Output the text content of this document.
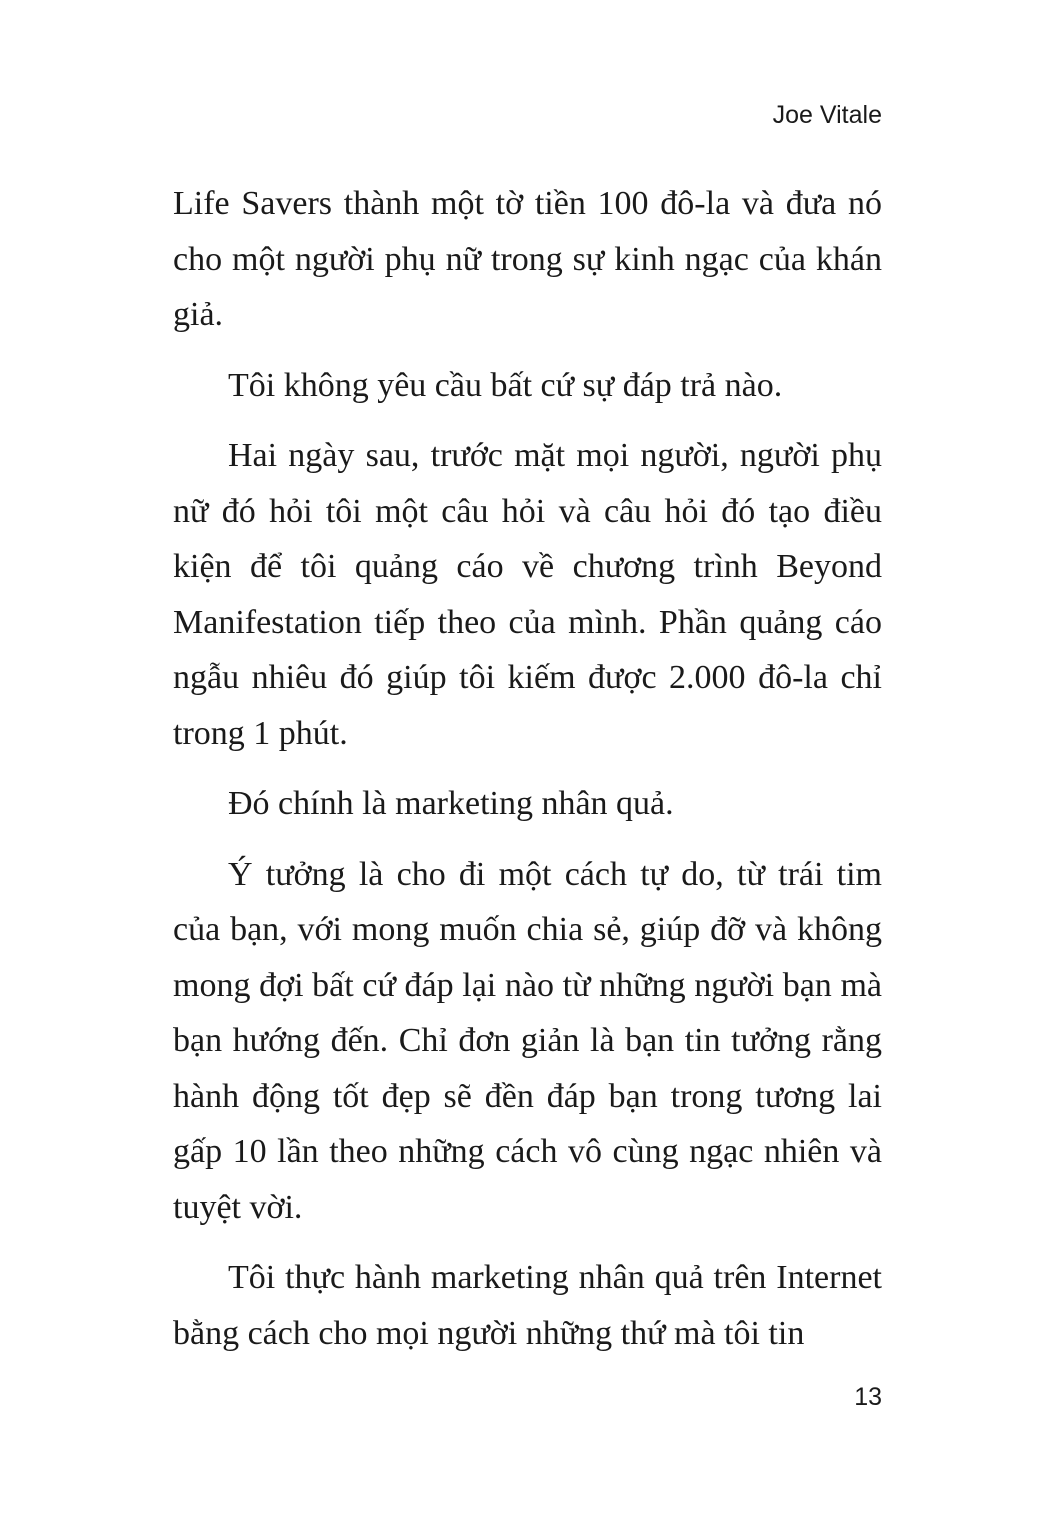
Joe Vitale

Life Savers thành một tờ tiền 100 đô-la và đưa nó cho một người phụ nữ trong sự kinh ngạc của khán giả.

Tôi không yêu cầu bất cứ sự đáp trả nào.

Hai ngày sau, trước mặt mọi người, người phụ nữ đó hỏi tôi một câu hỏi và câu hỏi đó tạo điều kiện để tôi quảng cáo về chương trình Beyond Manifestation tiếp theo của mình. Phần quảng cáo ngẫu nhiêu đó giúp tôi kiếm được 2.000 đô-la chỉ trong 1 phút.

Đó chính là marketing nhân quả.

Ý tưởng là cho đi một cách tự do, từ trái tim của bạn, với mong muốn chia sẻ, giúp đỡ và không mong đợi bất cứ đáp lại nào từ những người bạn mà bạn hướng đến. Chỉ đơn giản là bạn tin tưởng rằng hành động tốt đẹp sẽ đền đáp bạn trong tương lai gấp 10 lần theo những cách vô cùng ngạc nhiên và tuyệt vời.

Tôi thực hành marketing nhân quả trên Internet bằng cách cho mọi người những thứ mà tôi tin

13
